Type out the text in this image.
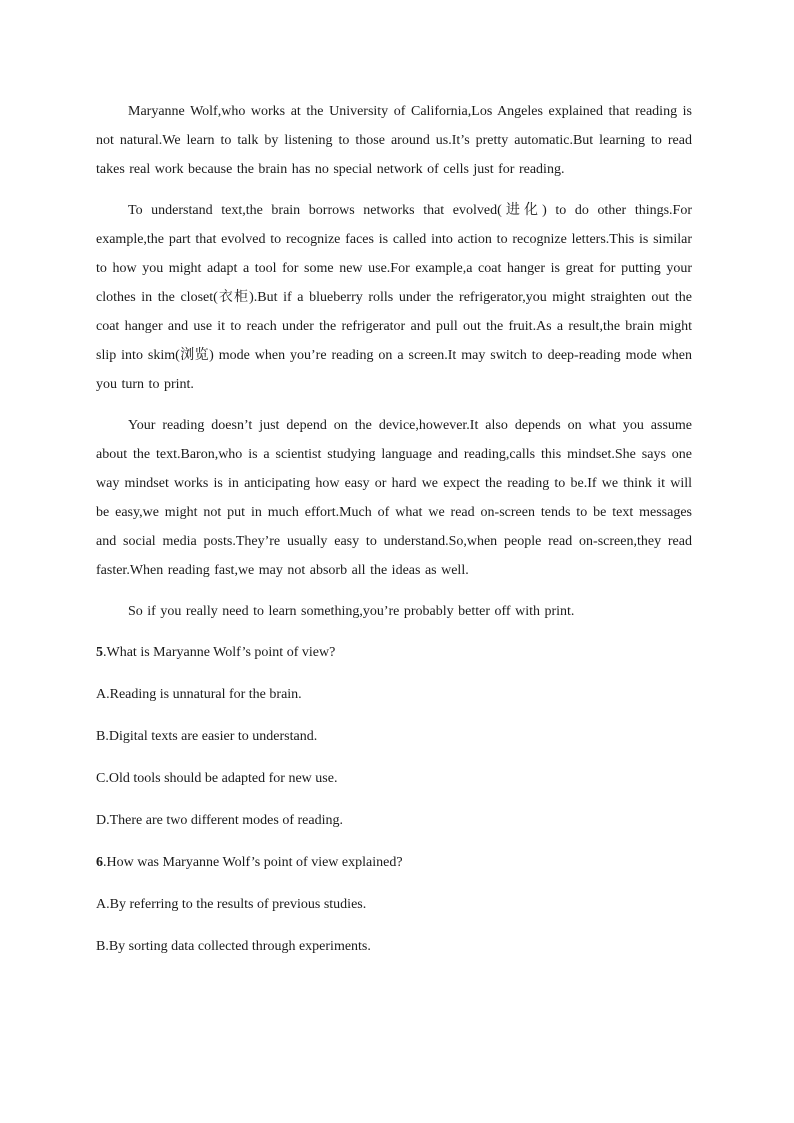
Maryanne Wolf,who works at the University of California,Los Angeles explained that reading is not natural.We learn to talk by listening to those around us.It’s pretty automatic.But learning to read takes real work because the brain has no special network of cells just for reading.

To understand text,the brain borrows networks that evolved(进化) to do other things.For example,the part that evolved to recognize faces is called into action to recognize letters.This is similar to how you might adapt a tool for some new use.For example,a coat hanger is great for putting your clothes in the closet(衣柜).But if a blueberry rolls under the refrigerator,you might straighten out the coat hanger and use it to reach under the refrigerator and pull out the fruit.As a result,the brain might slip into skim(浏览) mode when you’re reading on a screen.It may switch to deep-reading mode when you turn to print.

Your reading doesn’t just depend on the device,however.It also depends on what you assume about the text.Baron,who is a scientist studying language and reading,calls this mindset.She says one way mindset works is in anticipating how easy or hard we expect the reading to be.If we think it will be easy,we might not put in much effort.Much of what we read on-screen tends to be text messages and social media posts.They’re usually easy to understand.So,when people read on-screen,they read faster.When reading fast,we may not absorb all the ideas as well.

So if you really need to learn something,you’re probably better off with print.

5.What is Maryanne Wolf’s point of view?

A.Reading is unnatural for the brain.

B.Digital texts are easier to understand.

C.Old tools should be adapted for new use.

D.There are two different modes of reading.

6.How was Maryanne Wolf’s point of view explained?

A.By referring to the results of previous studies.

B.By sorting data collected through experiments.
